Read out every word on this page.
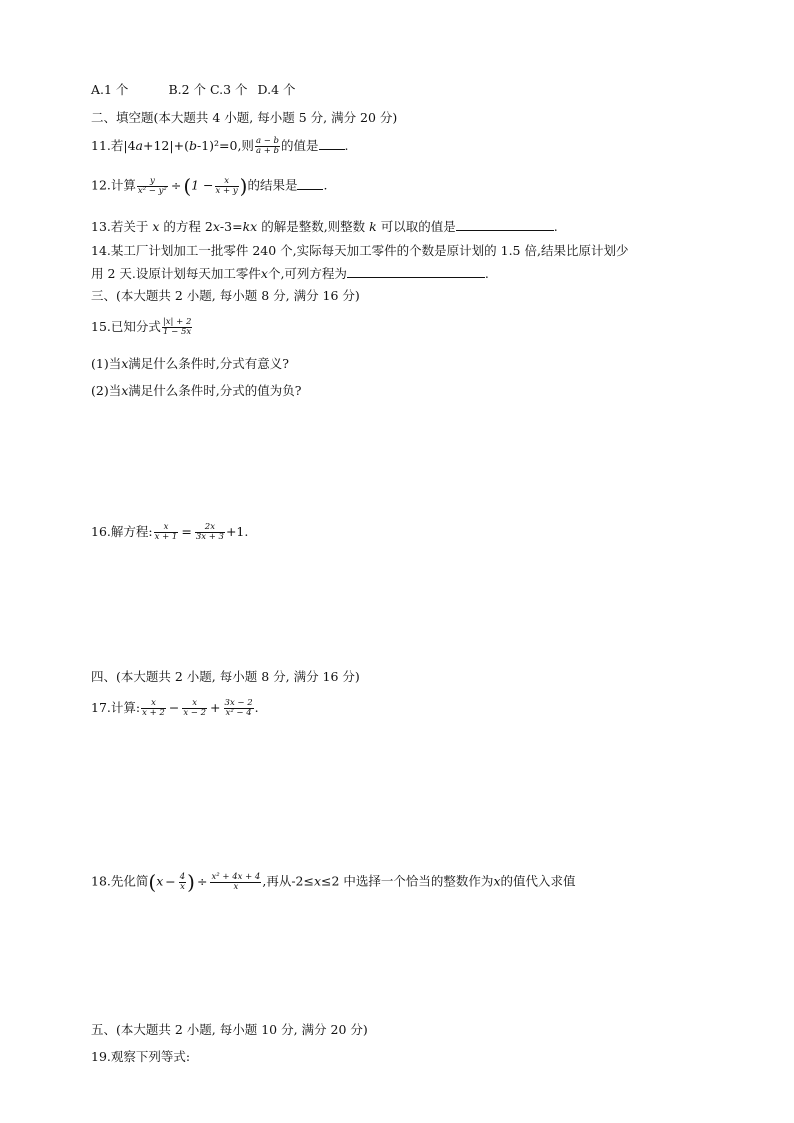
A.1 个	B.2 个 C.3 个 D.4 个
二、填空题(本大题共 4 小题, 每小题 5 分, 满分 20 分)
11.若|4a+12|+(b-1)²=0,则 $\frac{a - b}{a + b}$ 的值是 .
12.计算 $\frac{y}{\text{x² − y²}} \div (1 - \frac{x}{x + y}$ )的结果是 .
13.若关于 x 的方程 2x-3=kx 的解是整数,则整数 k 可以取的值是	.
14.某工厂计划加工一批零件 240 个,实际每天加工零件的个数是原计划的 1.5 倍,结果比原计划少
用 2 天.设原计划每天加工零件x个,可列方程为	.
三、(本大题共 2 小题, 每小题 8 分, 满分 16 分)
15.已知分式 $\frac{|x| + 2}{1 - 5x}$
(1)当x满足什么条件时,分式有意义?
(2)当x满足什么条件时,分式的值为负?
16.解方程: $\frac{x}{x + 1} = \frac{2x}{3x + 3} +1$.
四、(本大题共 2 小题, 每小题 8 分, 满分 16 分)
17.计算: $\frac{x}{x + 2} - \frac{x}{x - 2} + \frac{3x - 2}{\text{x² − 4}}$ .
18.先化简($x - \frac{4}{x}$ ) ÷ $\frac{\text{x² + 4x + 4}}{x}$ ,再从-2≤x≤2 中选择一个恰当的整数作为x的值代入求值
五、(本大题共 2 小题, 每小题 10 分, 满分 20 分)
19.观察下列等式:
